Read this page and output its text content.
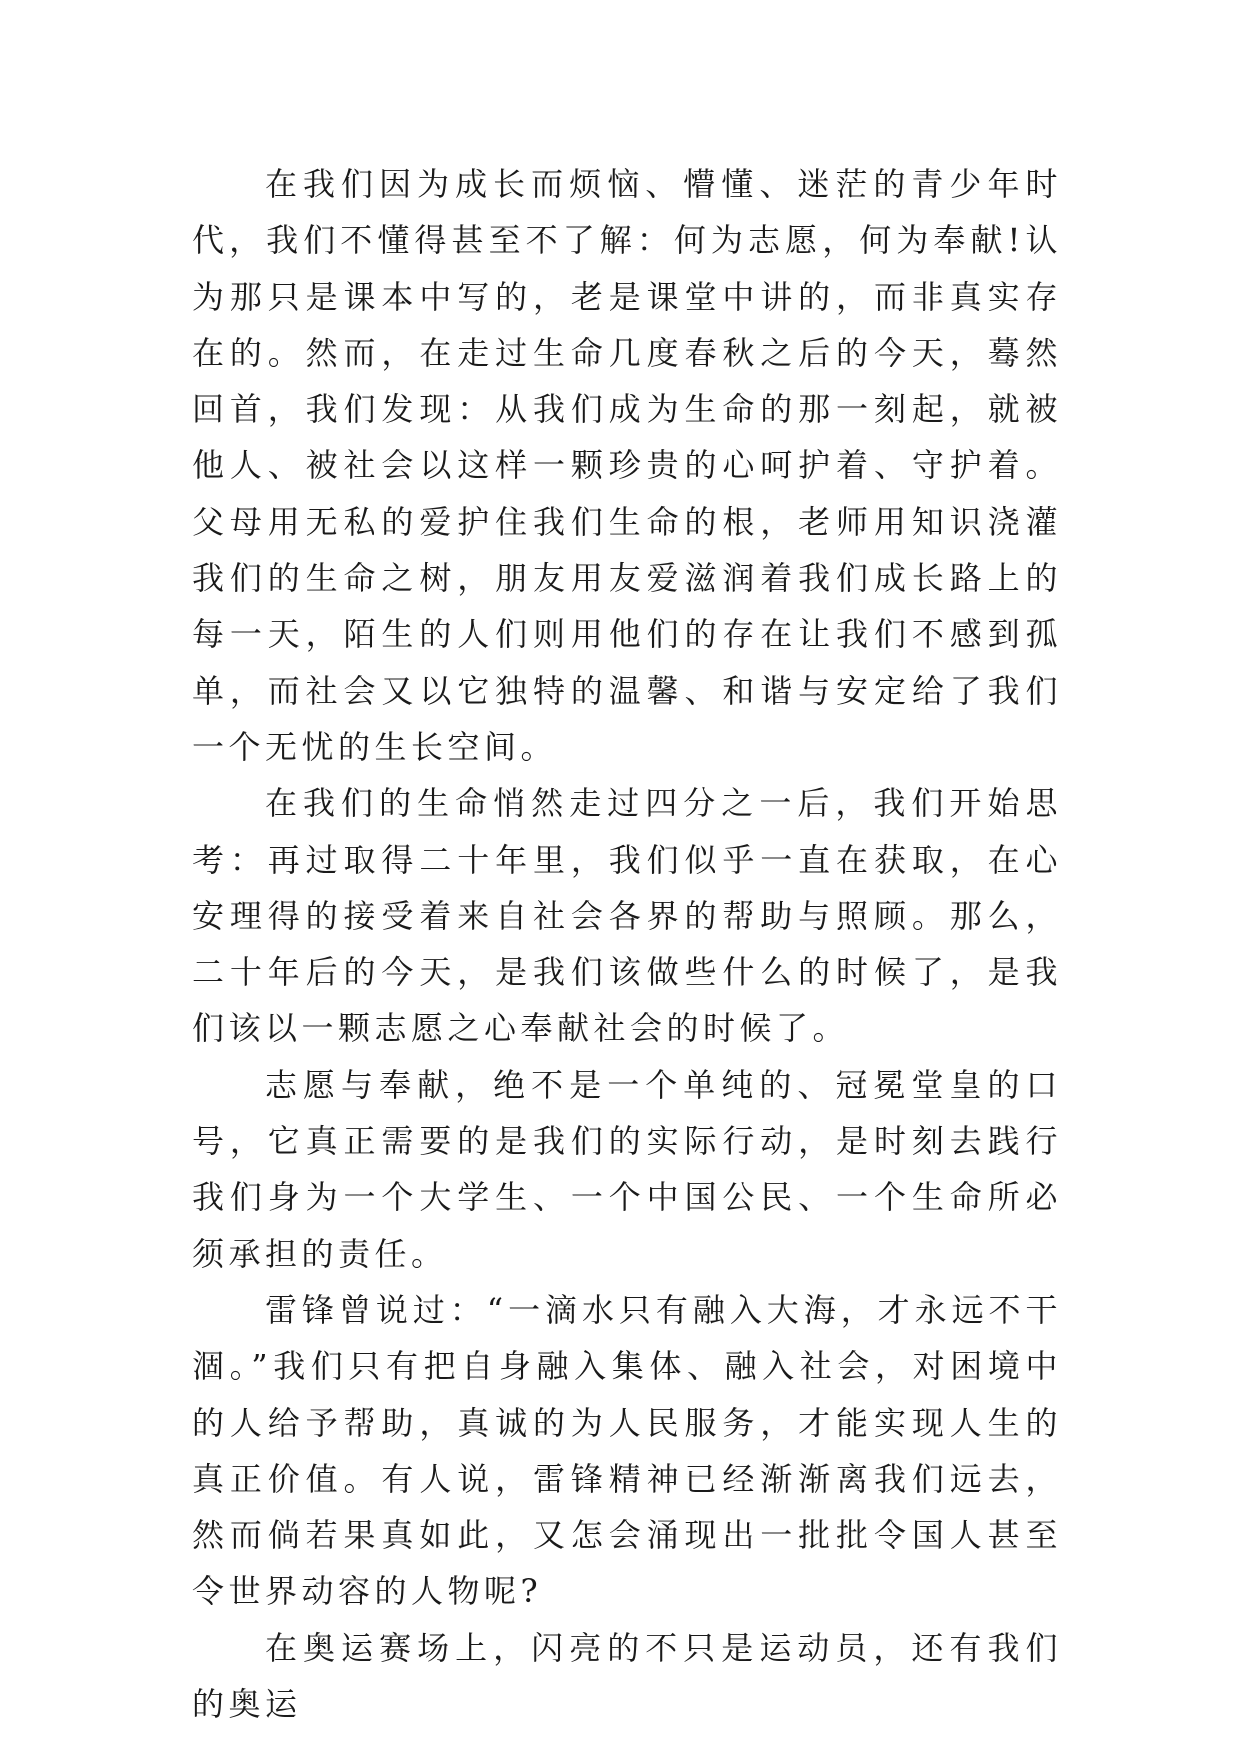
在我们因为成长而烦恼、懵懂、迷茫的青少年时代，我们不懂得甚至不了解：何为志愿，何为奉献!认为那只是课本中写的，老是课堂中讲的，而非真实存在的。然而，在走过生命几度春秋之后的今天，蓦然回首，我们发现：从我们成为生命的那一刻起，就被他人、被社会以这样一颗珍贵的心呵护着、守护着。父母用无私的爱护住我们生命的根，老师用知识浇灌我们的生命之树，朋友用友爱滋润着我们成长路上的每一天，陌生的人们则用他们的存在让我们不感到孤单，而社会又以它独特的温馨、和谐与安定给了我们一个无忧的生长空间。

在我们的生命悄然走过四分之一后，我们开始思考：再过取得二十年里，我们似乎一直在获取，在心安理得的接受着来自社会各界的帮助与照顾。那么，二十年后的今天，是我们该做些什么的时候了，是我们该以一颗志愿之心奉献社会的时候了。

志愿与奉献，绝不是一个单纯的、冠冕堂皇的口号，它真正需要的是我们的实际行动，是时刻去践行我们身为一个大学生、一个中国公民、一个生命所必须承担的责任。

雷锋曾说过：“一滴水只有融入大海，才永远不干涸。”我们只有把自身融入集体、融入社会，对困境中的人给予帮助，真诚的为人民服务，才能实现人生的真正价值。有人说，雷锋精神已经渐渐离我们远去，然而倘若果真如此，又怎会涌现出一批批令国人甚至令世界动容的人物呢?

在奥运赛场上，闪亮的不只是运动员，还有我们的奥运
